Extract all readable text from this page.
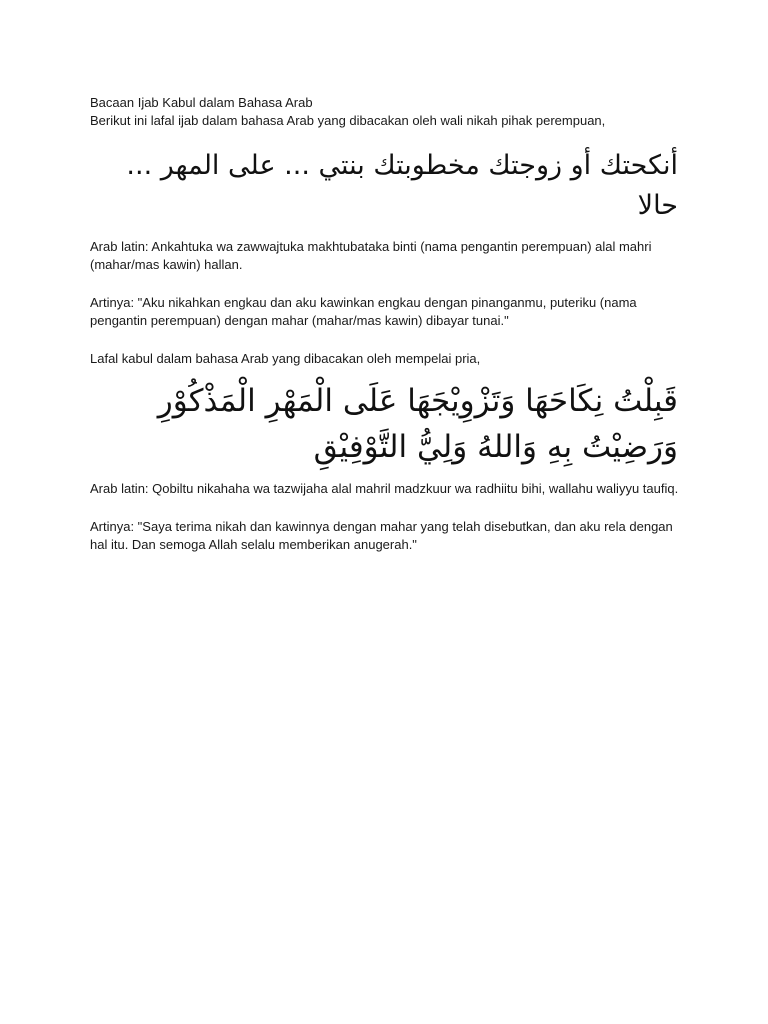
Bacaan Ijab Kabul dalam Bahasa Arab

Berikut ini lafal ijab dalam bahasa Arab yang dibacakan oleh wali nikah pihak perempuan,

أنكحتك أو زوجتك مخطوبتك بنتي ... على المهر ... حالا

Arab latin: Ankahtuka wa zawwajtuka makhtubataka binti (nama pengantin perempuan) alal mahri (mahar/mas kawin) hallan.

Artinya: "Aku nikahkan engkau dan aku kawinkan engkau dengan pinanganmu, puteriku (nama pengantin perempuan) dengan mahar (mahar/mas kawin) dibayar tunai."

Lafal kabul dalam bahasa Arab yang dibacakan oleh mempelai pria,

قَبِلْتُ نِكَاحَهَا وَتَزْوِيْجَهَا عَلَى الْمَهْرِ الْمَذْكُوْرِ
وَرَضِيْتُ بِهِ وَاللهُ وَلِيُّ التَّوْفِيْقِ

Arab latin: Qobiltu nikahaha wa tazwijaha alal mahril madzkuur wa radhiitu bihi, wallahu waliyyu taufiq.

Artinya: "Saya terima nikah dan kawinnya dengan mahar yang telah disebutkan, dan aku rela dengan hal itu. Dan semoga Allah selalu memberikan anugerah."
